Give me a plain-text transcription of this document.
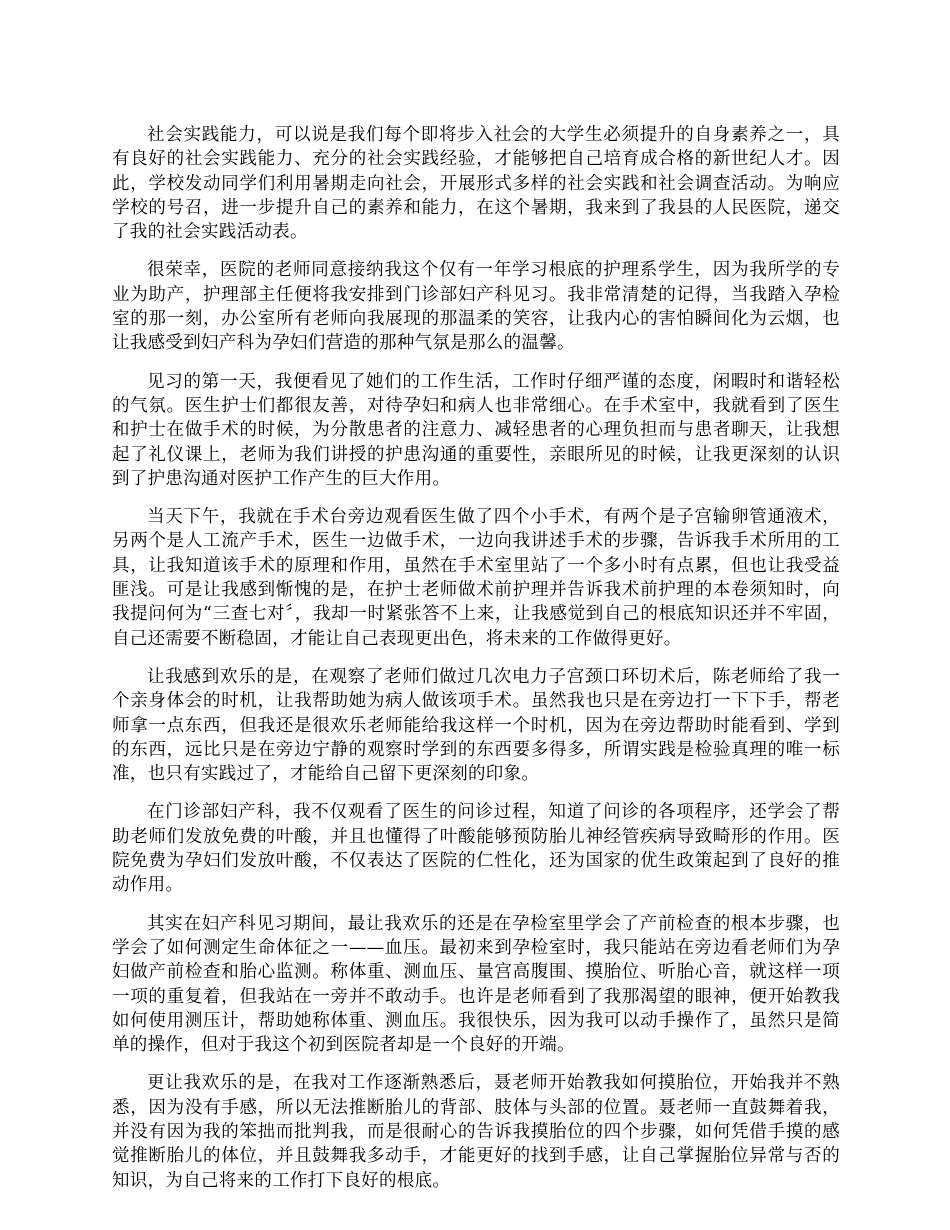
社会实践能力，可以说是我们每个即将步入社会的大学生必须提升的自身素养之一，具有良好的社会实践能力、充分的社会实践经验，才能够把自己培育成合格的新世纪人才。因此，学校发动同学们利用暑期走向社会，开展形式多样的社会实践和社会调查活动。为响应学校的号召，进一步提升自己的素养和能力，在这个暑期，我来到了我县的人民医院，递交了我的社会实践活动表。

很荣幸，医院的老师同意接纳我这个仅有一年学习根底的护理系学生，因为我所学的专业为助产，护理部主任便将我安排到门诊部妇产科见习。我非常清楚的记得，当我踏入孕检室的那一刻，办公室所有老师向我展现的那温柔的笑容，让我内心的害怕瞬间化为云烟，也让我感受到妇产科为孕妇们营造的那种气氛是那么的温馨。

见习的第一天，我便看见了她们的工作生活，工作时仔细严谨的态度，闲暇时和谐轻松的气氛。医生护士们都很友善，对待孕妇和病人也非常细心。在手术室中，我就看到了医生和护士在做手术的时候，为分散患者的注意力、减轻患者的心理负担而与患者聊天，让我想起了礼仪课上，老师为我们讲授的护患沟通的重要性，亲眼所见的时候，让我更深刻的认识到了护患沟通对医护工作产生的巨大作用。

当天下午，我就在手术台旁边观看医生做了四个小手术，有两个是子宫输卵管通液术，另两个是人工流产手术，医生一边做手术，一边向我讲述手术的步骤，告诉我手术所用的工具，让我知道该手术的原理和作用，虽然在手术室里站了一个多小时有点累，但也让我受益匪浅。可是让我感到惭愧的是，在护士老师做术前护理并告诉我术前护理的本卷须知时，向我提问何为“三查七对〞，我却一时紧张答不上来，让我感觉到自己的根底知识还并不牢固，自己还需要不断稳固，才能让自己表现更出色，将未来的工作做得更好。

让我感到欢乐的是，在观察了老师们做过几次电力子宫颈口环切术后，陈老师给了我一个亲身体会的时机，让我帮助她为病人做该项手术。虽然我也只是在旁边打一下下手，帮老师拿一点东西，但我还是很欢乐老师能给我这样一个时机，因为在旁边帮助时能看到、学到的东西，远比只是在旁边宁静的观察时学到的东西要多得多，所谓实践是检验真理的唯一标准，也只有实践过了，才能给自己留下更深刻的印象。

在门诊部妇产科，我不仅观看了医生的问诊过程，知道了问诊的各项程序，还学会了帮助老师们发放免费的叶酸，并且也懂得了叶酸能够预防胎儿神经管疾病导致畸形的作用。医院免费为孕妇们发放叶酸，不仅表达了医院的仁性化，还为国家的优生政策起到了良好的推动作用。

其实在妇产科见习期间，最让我欢乐的还是在孕检室里学会了产前检查的根本步骤，也学会了如何测定生命体征之一——血压。最初来到孕检室时，我只能站在旁边看老师们为孕妇做产前检查和胎心监测。称体重、测血压、量宫高腹围、摸胎位、听胎心音，就这样一项一项的重复着，但我站在一旁并不敢动手。也许是老师看到了我那渴望的眼神，便开始教我如何使用测压计，帮助她称体重、测血压。我很快乐，因为我可以动手操作了，虽然只是简单的操作，但对于我这个初到医院者却是一个良好的开端。

更让我欢乐的是，在我对工作逐渐熟悉后，聂老师开始教我如何摸胎位，开始我并不熟悉，因为没有手感，所以无法推断胎儿的背部、肢体与头部的位置。聂老师一直鼓舞着我，并没有因为我的笨拙而批判我，而是很耐心的告诉我摸胎位的四个步骤，如何凭借手摸的感觉推断胎儿的体位，并且鼓舞我多动手，才能更好的找到手感，让自己掌握胎位异常与否的知识，为自己将来的工作打下良好的根底。
